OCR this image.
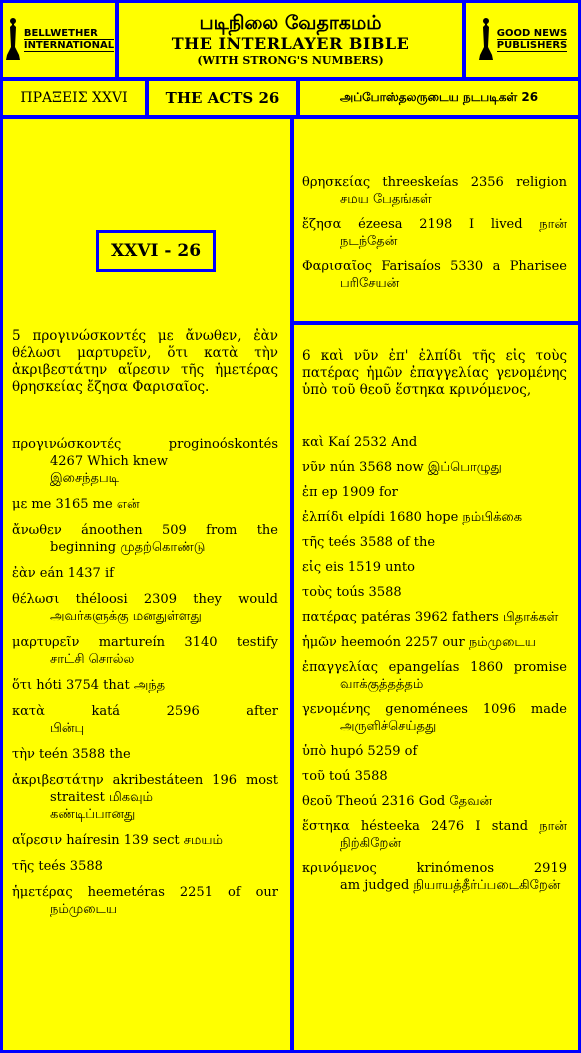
BELLWETHER
INTERNATIONAL
படிநிலை வேதாகமம்
THE INTERLAYER BIBLE
(WITH STRONG'S NUMBERS)
GOOD NEWS
PUBLISHERS
ΠΡΑΞΕΙΣ XXVI	THE ACTS 26	அப்போஸ்தலருடைய நடபடிகள் 26
XXVI - 26
5 προγινώσκοντές με ἄνωθεν, ἐὰν θέλωσι μαρτυρεῖν, ὅτι κατὰ τὴν ἀκριβεστάτην αἵρεσιν τῆς ἡμετέρας θρησκείας ἔζησα Φαρισαῖος.
προγινώσκοντές proginoóskontés
4267 Which knew
இசைந்தபடி
με me 3165 me என்
ἄνωθεν ánoothen 509 from the
beginning முதற்கொண்டு
ἐὰν eán 1437 if
θέλωσι théloosi 2309 they would
அவர்களுக்கு மனதுள்ளது
μαρτυρεῖν martureín 3140 testify
சாட்சி சொல்ல
ὅτι hóti 3754 that அந்த
κατὰ katá 2596 after
பின்பு
τὴν teén 3588 the
ἀκριβεστάτην akribestáteen 196 most
straitest மிகவும்
கண்டிப்பானது
αἵρεσιν haíresin 139 sect சமயம்
τῆς teés 3588
ἡμετέρας heemetéras 2251 of our
நம்முடைய
θρησκείας threeskeías 2356 religion
சமய பேதங்கள்
ἔζησα ézeesa 2198 I lived நான்
நடந்தேன்
Φαρισαῖος Farisaíos 5330 a Pharisee
பரிசேயன்
6 καὶ νῦν ἐπ' ἐλπίδι τῆς εἰς τοὺς πατέρας ἡμῶν ἐπαγγελίας γενομένης ὑπὸ τοῦ θεοῦ ἕστηκα κρινόμενος,
καὶ Kaí 2532 And
νῦν nún 3568 now இப்பொழுது
ἐπ ep 1909 for
ἐλπίδι elpídi 1680 hope நம்பிக்கை
τῆς teés 3588 of the
εἰς eis 1519 unto
τοὺς toús 3588
πατέρας patéras 3962 fathers பிதாக்கள்
ἡμῶν heemoón 2257 our நம்முடைய
ἐπαγγελίας epangelías 1860 promise
வாக்குத்தத்தம்
γενομένης genoménees 1096 made
அருளிச்செய்தது
ὑπὸ hupó 5259 of
τοῦ toú 3588
θεοῦ Theoú 2316 God தேவன்
ἕστηκα hésteeka 2476 I stand நான்
நிற்கிறேன்
κρινόμενος krinómenos 2919
am judged நியாயத்தீர்ப்படைகிறேன்
